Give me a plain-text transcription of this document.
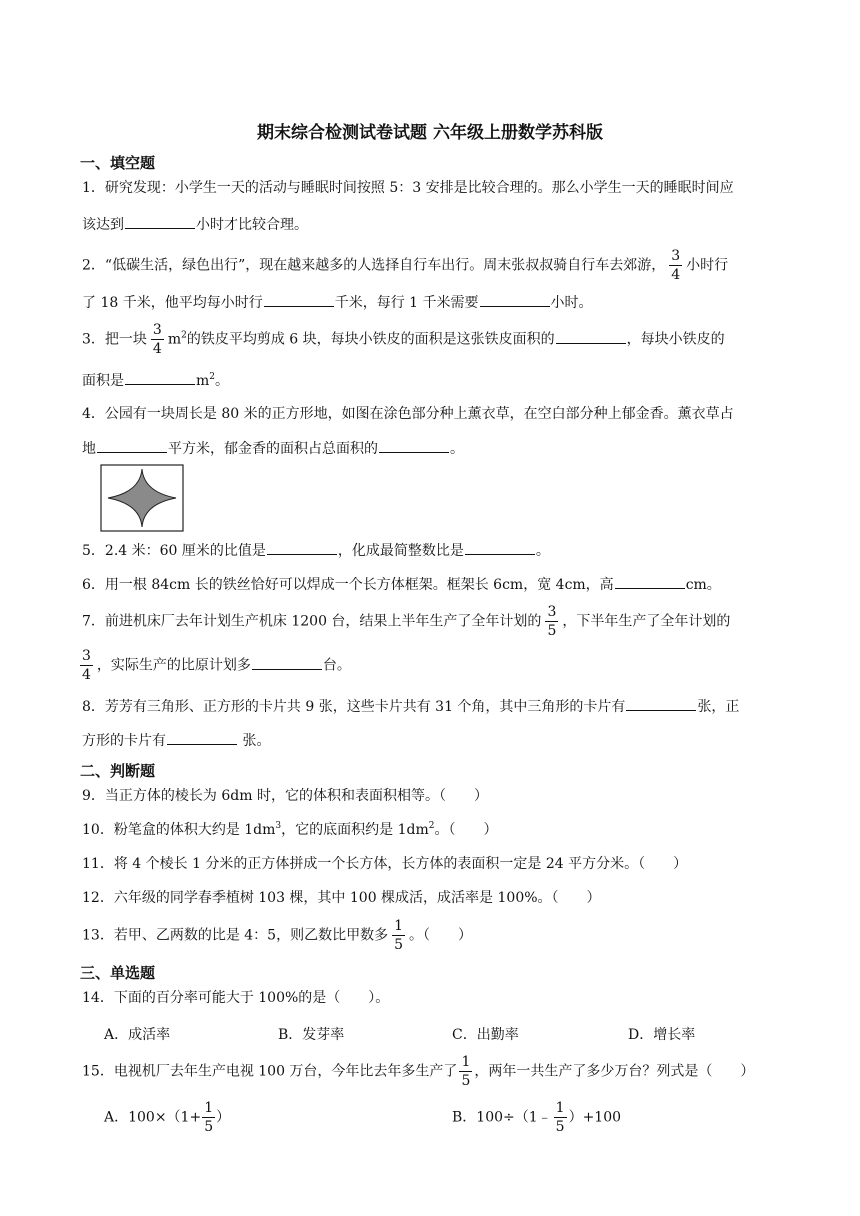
期末综合检测试卷试题 六年级上册数学苏科版
一、填空题
1．研究发现：小学生一天的活动与睡眠时间按照 5：3 安排是比较合理的。那么小学生一天的睡眠时间应
该达到	小时才比较合理。
2．“低碳生活，绿色出行”，现在越来越多的人选择自行车出行。周末张叔叔骑自行车去郊游， $\frac{3}{4}$ 小时行
了 18 千米，他平均每小时行	千米，每行 1 千米需要	小时。
3．把一块 $\frac{3}{4} m^2$的铁皮平均剪成 6 块，每块小铁皮的面积是这张铁皮面积的	，每块小铁皮的
面积是	$m^2$。
4．公园有一块周长是 80 米的正方形地，如图在涂色部分种上薰衣草，在空白部分种上郁金香。薰衣草占
地	平方米，郁金香的面积占总面积的	。
5．2.4 米：60 厘米的比值是	，化成最简整数比是	。
6．用一根 84cm 长的铁丝恰好可以焊成一个长方体框架。框架长 6cm，宽 4cm，高	cm。
7．前进机床厂去年计划生产机床 1200 台，结果上半年生产了全年计划的 $\frac{3}{5}$ ，下半年生产了全年计划的
$\frac{3}{4}$ ，实际生产的比原计划多	台。
8．芳芳有三角形、正方形的卡片共 9 张，这些卡片共有 31 个角，其中三角形的卡片有	张，正
方形的卡片有	张。
二、判断题
9．当正方体的棱长为 6dm 时，它的体积和表面积相等。（　　）
10．粉笔盒的体积大约是 $1dm^3$，它的底面积约是 $1dm^2$。（　　）
11．将 4 个棱长 1 分米的正方体拼成一个长方体，长方体的表面积一定是 24 平方分米。（　　）
12．六年级的同学春季植树 103 棵，其中 100 棵成活，成活率是 100%。（　　）
13．若甲、乙两数的比是 4：5，则乙数比甲数多 $\frac{1}{5}$ 。（　　）
三、单选题
14．下面的百分率可能大于 100%的是（　　）。
A．成活率	B．发芽率	C．出勤率	D．增长率
15．电视机厂去年生产电视 100 万台，今年比去年多生产了 $\frac{1}{5}$ ，两年一共生产了多少万台？列式是（　　）
A．$100\times(1+ \frac{1}{5}$ ）	B．100÷（1﹣ $\frac{1}{5} )+100$
